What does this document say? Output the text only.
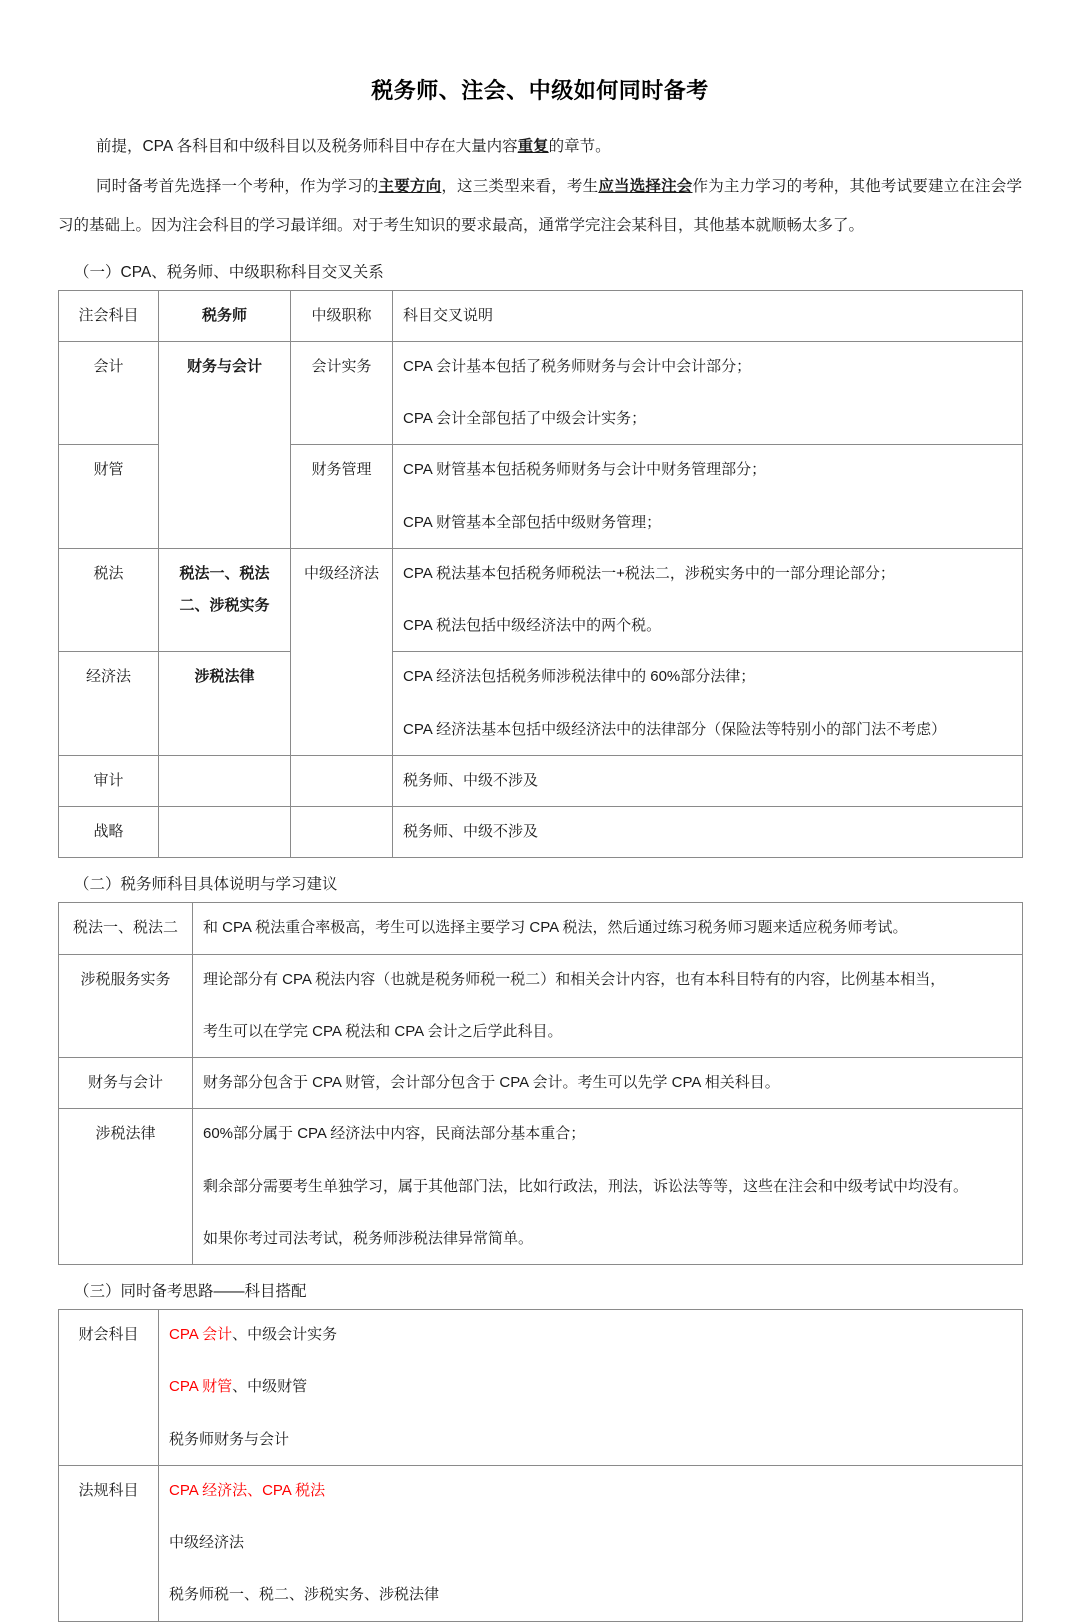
税务师、注会、中级如何同时备考

前提，CPA 各科目和中级科目以及税务师科目中存在大量内容重复的章节。

同时备考首先选择一个考种，作为学习的主要方向，这三类型来看，考生应当选择注会作为主力学习的考种，其他考试要建立在注会学习的基础上。因为注会科目的学习最详细。对于考生知识的要求最高，通常学完注会某科目，其他基本就顺畅太多了。

（一）CPA、税务师、中级职称科目交叉关系
注会科目	税务师	中级职称	科目交叉说明
会计	财务与会计	会计实务	CPA 会计基本包括了税务师财务与会计中会计部分；
CPA 会计全部包括了中级会计实务；

财管		财务管理	CPA 财管基本包括税务师财务与会计中财务管理部分；
CPA 财管基本全部包括中级财务管理；

税法	税法一、税法二、涉税实务	中级经济法	CPA 税法基本包括税务师税法一+税法二，涉税实务中的一部分理论部分；
CPA 税法包括中级经济法中的两个税。

经济法	涉税法律		CPA 经济法包括税务师涉税法律中的 60%部分法律；
CPA 经济法基本包括中级经济法中的法律部分（保险法等特别小的部门法不考虑）

审计			税务师、中级不涉及
战略			税务师、中级不涉及
（二）税务师科目具体说明与学习建议
税法一、税法二	和 CPA 税法重合率极高，考生可以选择主要学习 CPA 税法，然后通过练习税务师习题来适应税务师考试。

涉税服务实务	理论部分有 CPA 税法内容（也就是税务师税一税二）和相关会计内容，也有本科目特有的内容，比例基本相当，
考生可以在学完 CPA 税法和 CPA 会计之后学此科目。

财务与会计	财务部分包含于 CPA 财管，会计部分包含于 CPA 会计。考生可以先学 CPA 相关科目。

涉税法律	60%部分属于 CPA 经济法中内容，民商法部分基本重合；
剩余部分需要考生单独学习，属于其他部门法，比如行政法，刑法，诉讼法等等，这些在注会和中级考试中均没有。
如果你考过司法考试，税务师涉税法律异常简单。
（三）同时备考思路——科目搭配
财会科目	CPA 会计、中级会计实务
CPA 财管、中级财管
税务师财务与会计

法规科目	CPA 经济法、CPA 税法
中级经济法
税务师税一、税二、涉税实务、涉税法律
